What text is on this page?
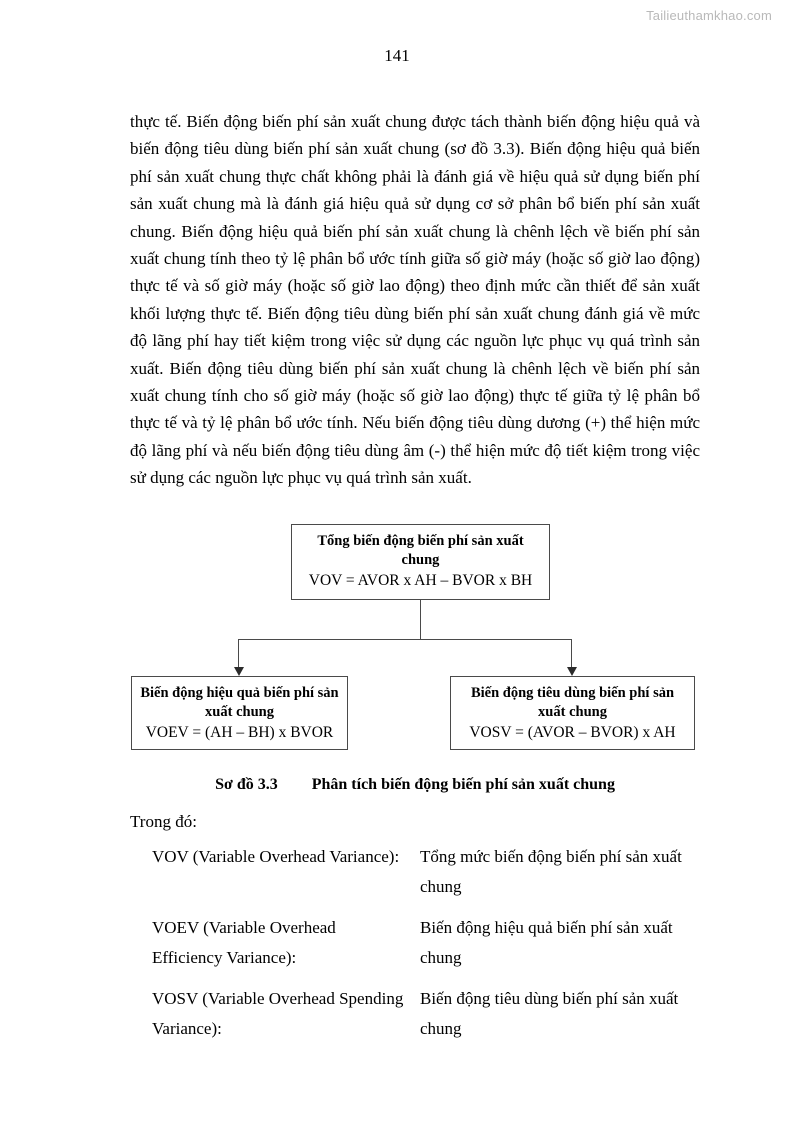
Tailieuthamkhao.com
141
thực tế. Biến động biến phí sản xuất chung được tách thành biến động hiệu quả và biến động tiêu dùng biến phí sản xuất chung (sơ đồ 3.3). Biến động hiệu quả biến phí sản xuất chung thực chất không phải là đánh giá về hiệu quả sử dụng biến phí sản xuất chung mà là đánh giá hiệu quả sử dụng cơ sở phân bổ biến phí sản xuất chung. Biến động hiệu quả biến phí sản xuất chung là chênh lệch về biến phí sản xuất chung tính theo tỷ lệ phân bổ ước tính giữa số giờ máy (hoặc số giờ lao động) thực tế và số giờ máy (hoặc số giờ lao động) theo định mức cần thiết để sản xuất khối lượng thực tế. Biến động tiêu dùng biến phí sản xuất chung đánh giá về mức độ lãng phí hay tiết kiệm trong việc sử dụng các nguồn lực phục vụ quá trình sản xuất. Biến động tiêu dùng biến phí sản xuất chung là chênh lệch về biến phí sản xuất chung tính cho số giờ máy (hoặc số giờ lao động) thực tế giữa tỷ lệ phân bổ thực tế và tỷ lệ phân bổ ước tính. Nếu biến động tiêu dùng dương (+) thể hiện mức độ lãng phí và nếu biến động tiêu dùng âm (-) thể hiện mức độ tiết kiệm trong việc sử dụng các nguồn lực phục vụ quá trình sản xuất.
Tổng biến động biến phí sản xuất chung
VOV = AVOR x AH – BVOR x BH
Biến động hiệu quả biến phí sản xuất chung
VOEV = (AH – BH) x BVOR
Biến động tiêu dùng biến phí sản xuất chung
VOSV = (AVOR – BVOR) x AH
Sơ đồ 3.3 Phân tích biến động biến phí sản xuất chung
Trong đó:
VOV (Variable Overhead Variance):	Tổng mức biến động biến phí sản xuất chung
VOEV (Variable Overhead Efficiency Variance):
Biến động hiệu quả biến phí sản xuất chung
VOSV (Variable Overhead Spending Variance):
Biến động tiêu dùng biến phí sản xuất chung
